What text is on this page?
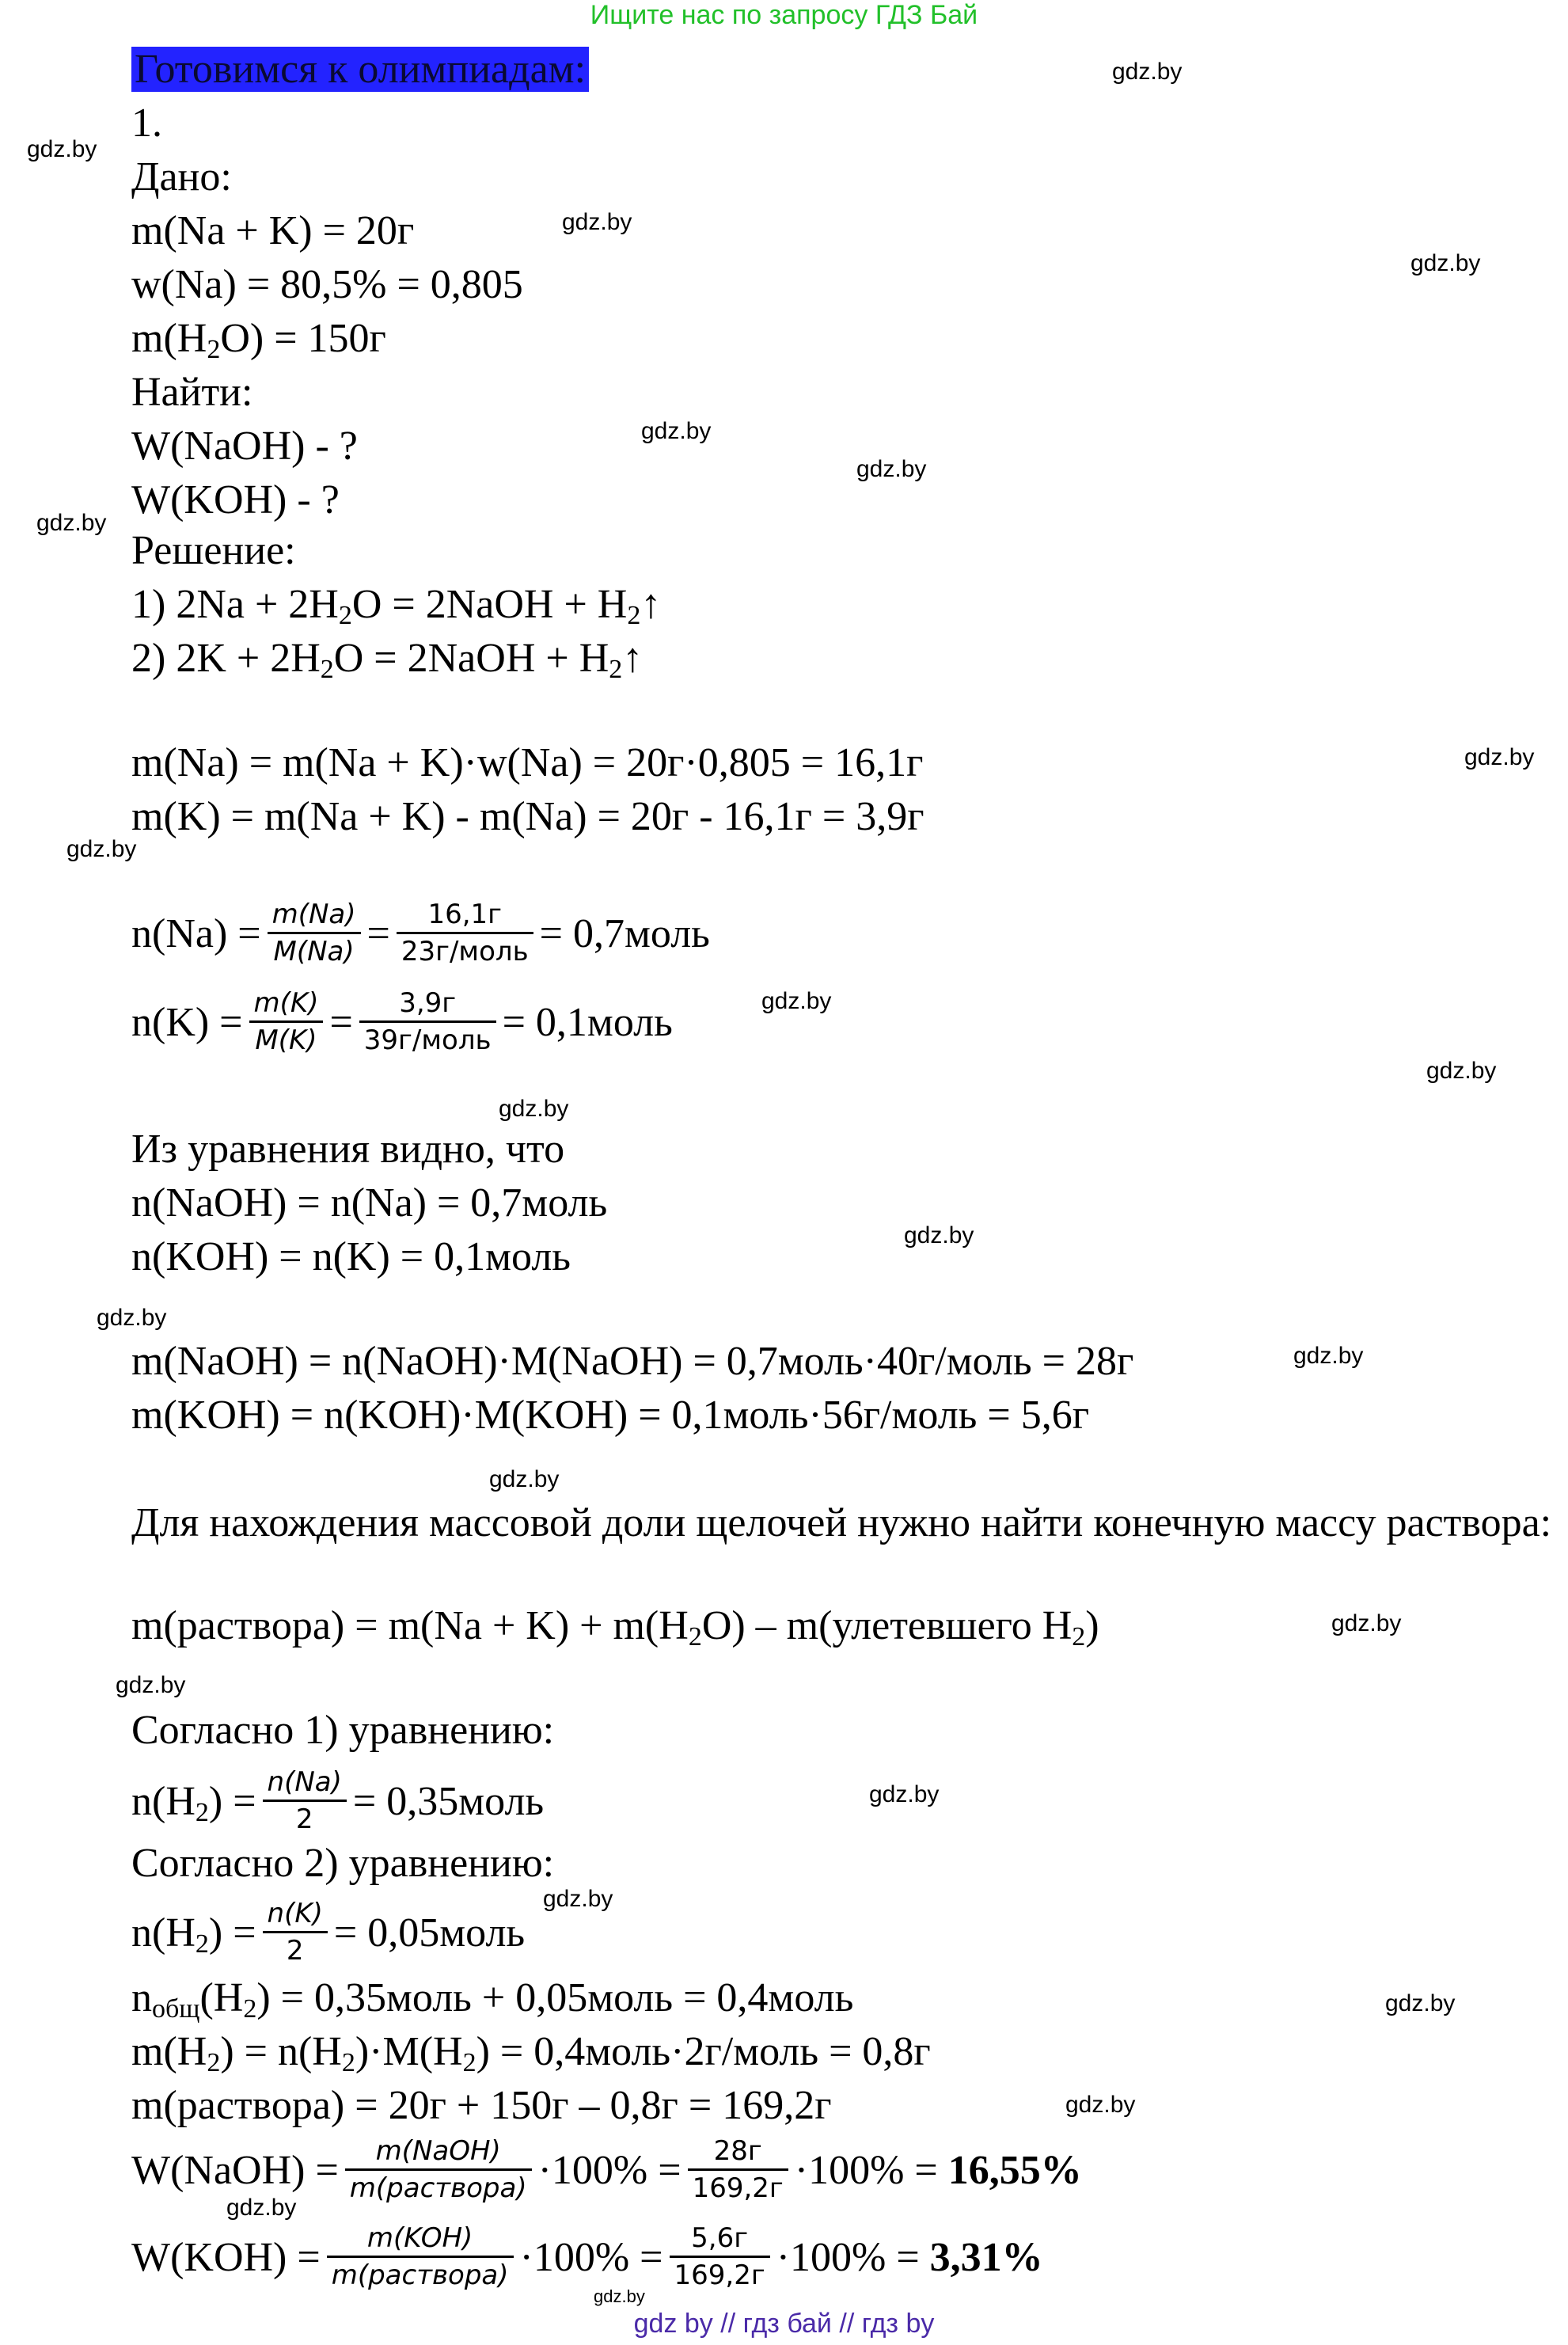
Ищите нас по запросу ГДЗ Бай
Готовимся к олимпиадам:
1.
Дано:
m(Na + K) = 20г
w(Na) = 80,5% = 0,805
$m(H_2O) = 150г$
Найти:
W(NaOH) - ?
W(KOH) - ?
Решение:
1) $2Na + 2H_2O$ = 2NaOH + $H_2↑$
2) $2K + 2H_2O$ = 2NaOH + $H_2↑$
m(Na) = m(Na + K)·w(Na) = 20г·0,805 = 16,1г
m(K) = m(Na + K) - m(Na) = 20г - 16,1г = 3,9г
$n(Na) = \frac{m(Na)}{M(Na)} = \frac{16,1г}{\text{23г/моль}}$ = 0,7моль
$n(K) = \frac{m(K)}{M(K)} = \frac{3,9г}{\text{39г/моль}}$ = 0,1моль
Из уравнения видно, что
n(NaOH) = n(Na) = 0,7моль
n(KOH) = n(K) = 0,1моль
m(NaOH) = n(NaOH)·M(NaOH) = 0,7моль·40г/моль = 28г
m(KOH) = n(KOH)·M(KOH) = 0,1моль·56г/моль = 5,6г
Для нахождения массовой доли щелочей нужно найти конечную массу раствора:
m(раствора) = $m(Na + K) + m(H_2O)$ – m(улетевшего $H_2$)
Согласно 1) уравнению:
$n(H_2) = \frac{n(Na)}{2}$ = 0,35моль
Согласно 2) уравнению:
$n(H_2) = \frac{n(K)}{2}$ = 0,05моль
$n_{общ}(H_2)$ = 0,35моль + 0,05моль = 0,4моль
$m(H_2) = n(H_2)\cdot M(H_2)$ = 0,4моль·2г/моль = 0,8г
m(раствора) = 20г + 150г – 0,8г = 169,2г
W(NaOH) = $\frac{\text{m(NaOH)}}{\text{m(раствора)}} \cdot 100\% = \frac{28г}{169,2г} \cdot 100\% = 16,55\%$
$W(KOH) = \frac{\text{m(KOH)}}{\text{m(раствора)}} \cdot 100\% = \frac{5,6г}{169,2г} \cdot 100\% = 3,31\%$
gdz.by
gdz.by
gdz.by
gdz.by
gdz.by
gdz.by
gdz.by
gdz.by
gdz.by
gdz.by
gdz.by
gdz.by
gdz.by
gdz.by
gdz.by
gdz.by
gdz.by
gdz.by
gdz.by
gdz.by
gdz.by
gdz.by
gdz.by
gdz.by
gdz by // гдз бай // гдз by
